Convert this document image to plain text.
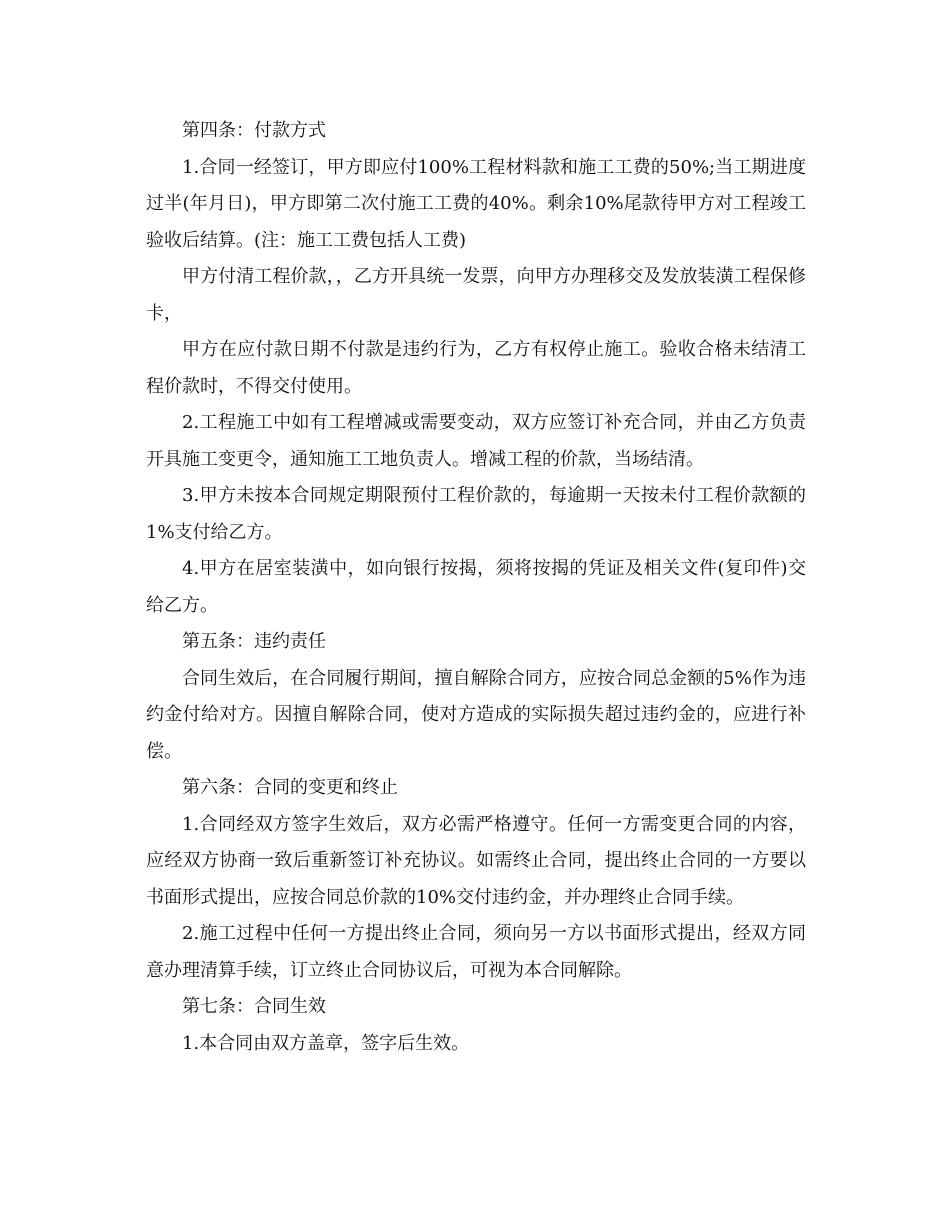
第四条：付款方式

1.合同一经签订，甲方即应付100%工程材料款和施工工费的50%;当工期进度过半(年月日)，甲方即第二次付施工工费的40%。剩余10%尾款待甲方对工程竣工验收后结算。(注：施工工费包括人工费)

甲方付清工程价款，，乙方开具统一发票，向甲方办理移交及发放装潢工程保修卡，

甲方在应付款日期不付款是违约行为，乙方有权停止施工。验收合格未结清工程价款时，不得交付使用。

2.工程施工中如有工程增减或需要变动，双方应签订补充合同，并由乙方负责开具施工变更令，通知施工工地负责人。增减工程的价款，当场结清。

3.甲方未按本合同规定期限预付工程价款的，每逾期一天按未付工程价款额的1%支付给乙方。

4.甲方在居室装潢中，如向银行按揭，须将按揭的凭证及相关文件(复印件)交给乙方。

第五条：违约责任

合同生效后，在合同履行期间，擅自解除合同方，应按合同总金额的5%作为违约金付给对方。因擅自解除合同，使对方造成的实际损失超过违约金的，应进行补偿。

第六条：合同的变更和终止

1.合同经双方签字生效后，双方必需严格遵守。任何一方需变更合同的内容，应经双方协商一致后重新签订补充协议。如需终止合同，提出终止合同的一方要以书面形式提出，应按合同总价款的10%交付违约金，并办理终止合同手续。

2.施工过程中任何一方提出终止合同，须向另一方以书面形式提出，经双方同意办理清算手续，订立终止合同协议后，可视为本合同解除。

第七条：合同生效

1.本合同由双方盖章，签字后生效。
